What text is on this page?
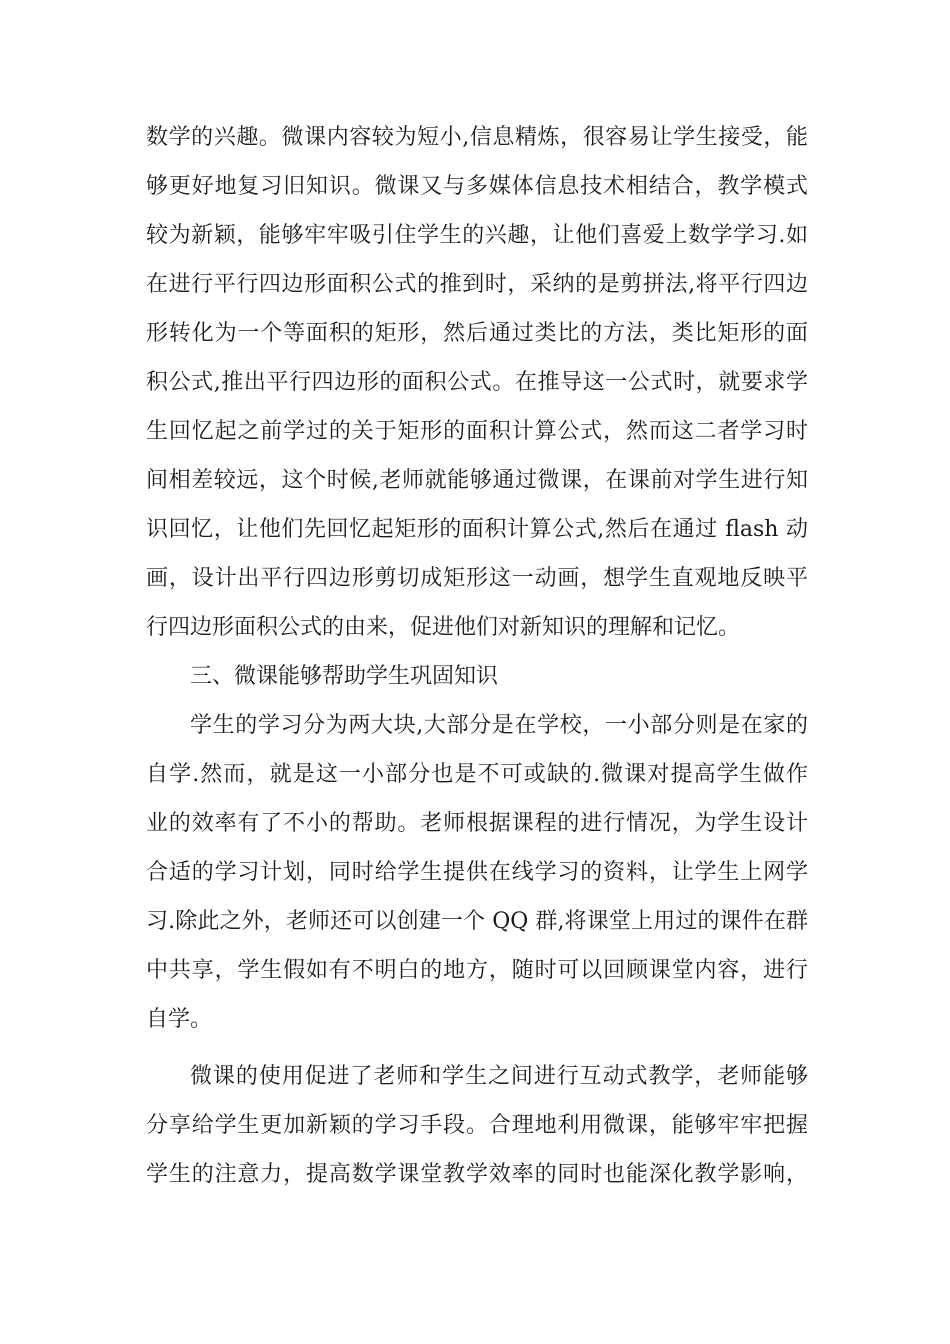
数学的兴趣。微课内容较为短小,信息精炼，很容易让学生接受，能
够更好地复习旧知识。微课又与多媒体信息技术相结合，教学模式
较为新颖，能够牢牢吸引住学生的兴趣，让他们喜爱上数学学习.如
在进行平行四边形面积公式的推到时，采纳的是剪拼法,将平行四边
形转化为一个等面积的矩形，然后通过类比的方法，类比矩形的面
积公式,推出平行四边形的面积公式。在推导这一公式时，就要求学
生回忆起之前学过的关于矩形的面积计算公式，然而这二者学习时
间相差较远，这个时候,老师就能够通过微课，在课前对学生进行知
识回忆，让他们先回忆起矩形的面积计算公式,然后在通过 flash 动
画，设计出平行四边形剪切成矩形这一动画，想学生直观地反映平
行四边形面积公式的由来，促进他们对新知识的理解和记忆。
三、微课能够帮助学生巩固知识
学生的学习分为两大块,大部分是在学校，一小部分则是在家的
自学.然而，就是这一小部分也是不可或缺的.微课对提高学生做作
业的效率有了不小的帮助。老师根据课程的进行情况，为学生设计
合适的学习计划，同时给学生提供在线学习的资料，让学生上网学
习.除此之外，老师还可以创建一个 QQ 群,将课堂上用过的课件在群
中共享，学生假如有不明白的地方，随时可以回顾课堂内容，进行
自学。
微课的使用促进了老师和学生之间进行互动式教学，老师能够
分享给学生更加新颖的学习手段。合理地利用微课，能够牢牢把握
学生的注意力，提高数学课堂教学效率的同时也能深化教学影响，
